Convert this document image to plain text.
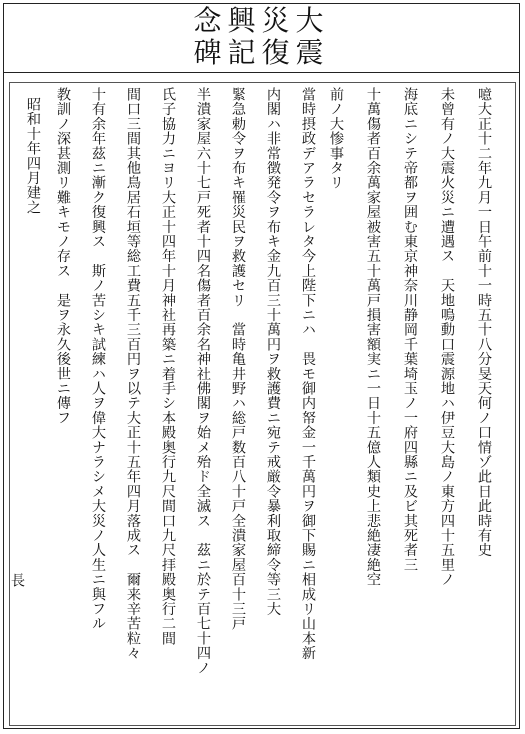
念興災大
碑記復震
噫大正十二年九月一日午前十一時五十八分旻天何ノ口情ゾ此日此時有史
未曾有ノ大震火災ニ遭遇ス　天地鳴動口震源地ハ伊豆大島ノ東方四十五里ノ
海底ニシテ帝都ヲ囲む東京神奈川静岡千葉埼玉ノ一府四縣ニ及ビ其死者三
十萬傷者百余萬家屋被害五十萬戸損害額実ニ一日十五億人類史上悲絶凄絶空
前ノ大惨事タリ
當時摂政デアラセラレタ今上陛下ニハ　畏モ御内帑金一千萬円ヲ御下賜ニ相成リ山本新
内閣ハ非常徴発令ヲ布キ金九百三十萬円ヲ救護費ニ宛テ戒厳令暴利取締令等三大
緊急勅令ヲ布キ罹災民ヲ救護セリ　當時亀井野ハ総戸数百八十戸全潰家屋百十三戸
半潰家屋六十七戸死者十四名傷者百余名神社佛閣ヲ始メ殆ド全滅ス　茲ニ於テ百七十四ノ
氏子協力ニヨリ大正十四年十月神社再築ニ着手シ本殿奥行九尺間口九尺拝殿奥行二間
間口三間其他鳥居石垣等総工費五千三百円ヲ以テ大正十五年四月落成ス　爾来辛苦粒々
十有余年茲ニ漸ク復興ス　斯ノ苦シキ試練ハ人ヲ偉大ナラシメ大災ノ人生ニ與フル
教訓ノ深甚測リ難キモノ存ス　是ヲ永久後世ニ傳フ
昭和十年四月建之
長
